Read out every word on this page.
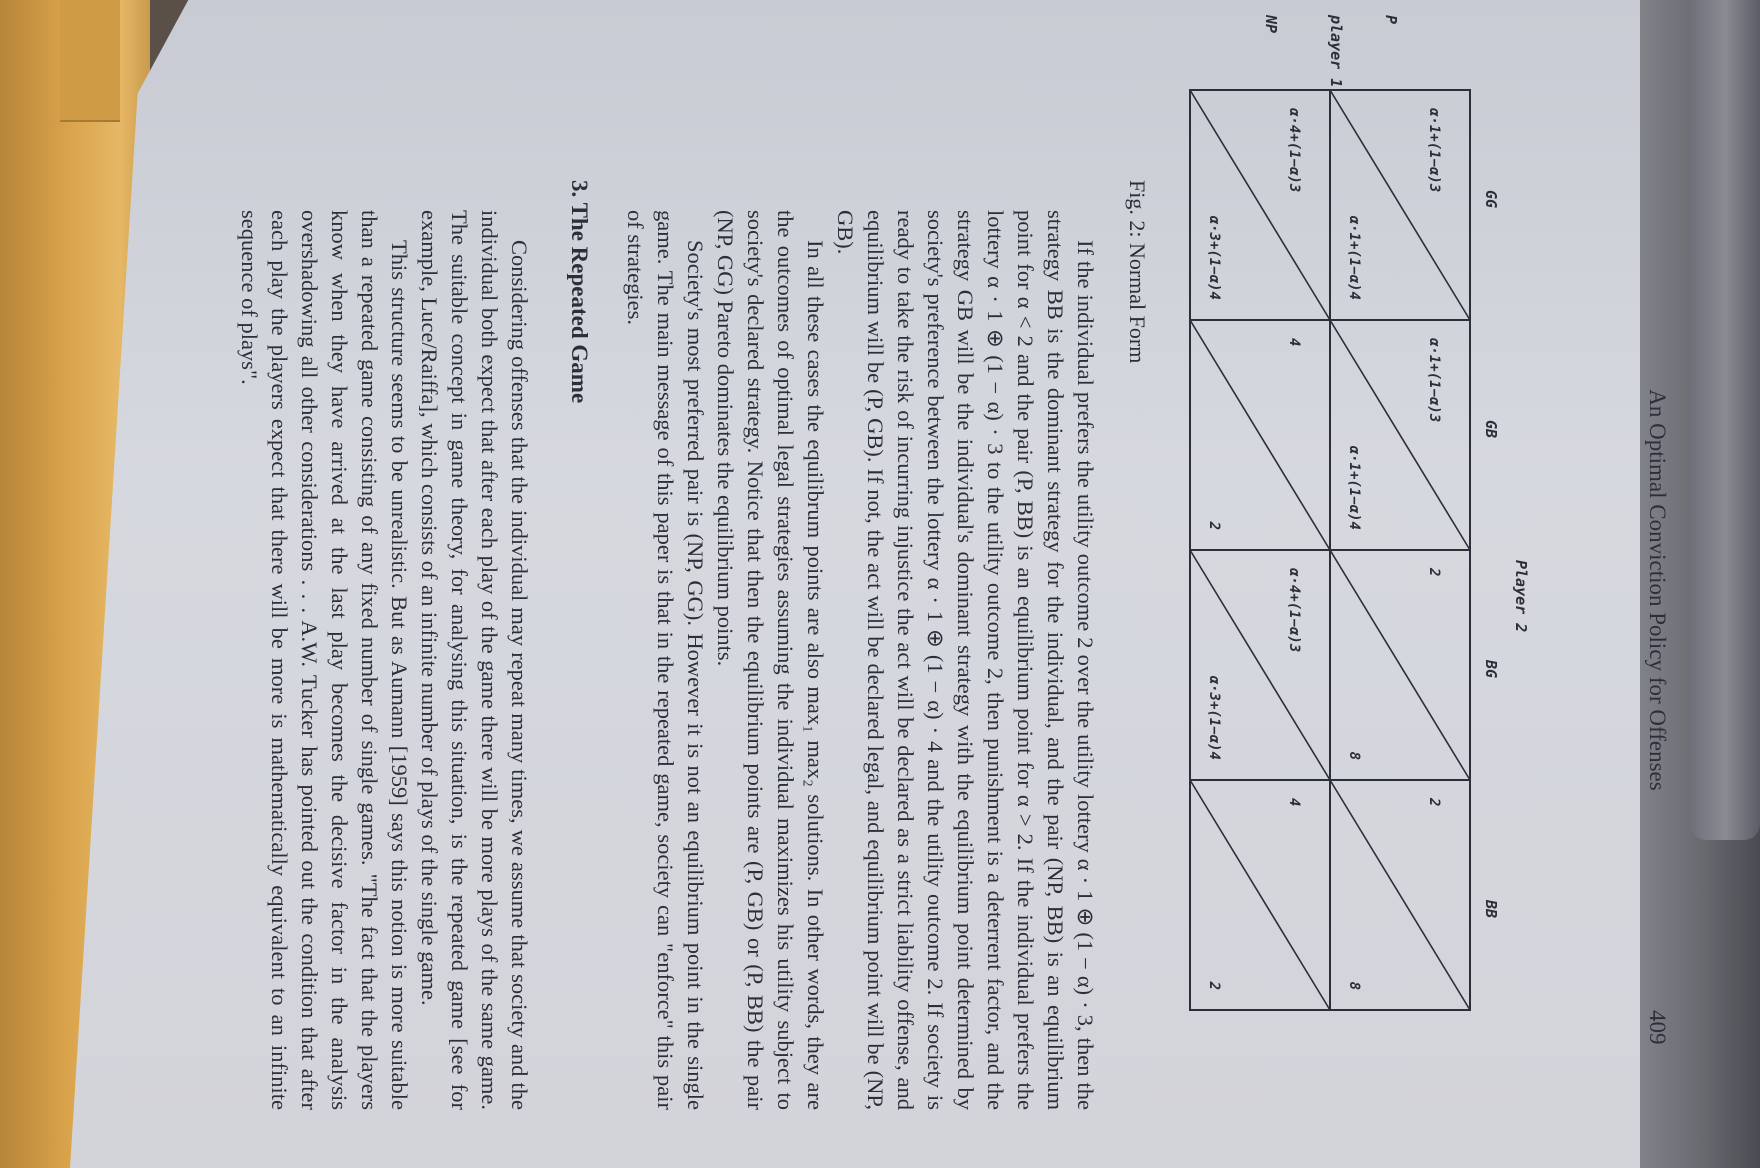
An Optimal Conviction Policy for Offenses
409
Player 2
GG
GB
BG
BB
P
player 1
NP
α·1+(1−α)3
α·1+(1−α)4
α·1+(1−α)3
α·1+(1−α)4
2
8
2
8
α·4+(1−α)3
α·3+(1−α)4
4
2
α·4+(1−α)3
α·3+(1−α)4
4
2
Fig. 2: Normal Form

If the individual prefers the utility outcome 2 over the utility lottery α · 1 ⊕ (1 − α) · 3, then the strategy BB is the dominant strategy for the individual, and the pair (NP, BB) is an equilibrium point for α < 2 and the pair (P, BB) is an equilibrium point for α > 2. If the individual prefers the lottery α · 1 ⊕ (1 − α) · 3 to the utility outcome 2, then punishment is a deterrent factor, and the strategy GB will be the individual's dominant strategy with the equilibrium point determined by society's preference between the lottery α · 1 ⊕ (1 − α) · 4 and the utility outcome 2. If society is ready to take the risk of incurring injustice the act will be declared as a strict liability offense, and equilibrium will be (P, GB). If not, the act will be declared legal, and equilibrium point will be (NP, GB).

In all these cases the equilibrum points are also max₁ max₂ solutions. In other words, they are the outcomes of optimal legal strategies assuming the individual maximizes his utility subject to society's declared strategy. Notice that then the equilibrium points are (P, GB) or (P, BB) the pair (NP, GG) Pareto dominates the equilibrium points.

Society's most preferred pair is (NP, GG). However it is not an equilibrium point in the single game. The main message of this paper is that in the repeated game, society can "enforce" this pair of strategies.

3. The Repeated Game

Considering offenses that the individual may repeat many times, we assume that society and the individual both expect that after each play of the game there will be more plays of the same game. The suitable concept in game theory, for analysing this situation, is the repeated game [see for example, Luce/Raiffa], which consists of an infinite number of plays of the single game.

This structure seems to be unrealistic. But as Aumann [1959] says this notion is more suitable than a repeated game consisting of any fixed number of single games. "The fact that the players know when they have arrived at the last play becomes the decisive factor in the analysis overshadowing all other considerations . . . A.W. Tucker has pointed out the condition that after each play the players expect that there will be more is mathematically equivalent to an infinite sequence of plays".
